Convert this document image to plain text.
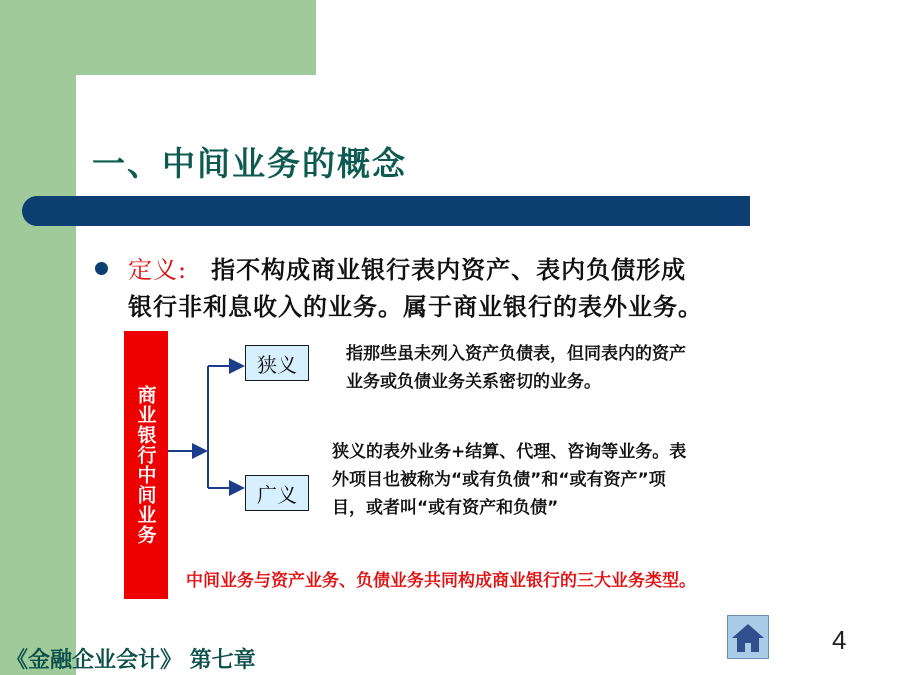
一、中间业务的概念
定义: 指不构成商业银行表内资产、表内负债形成
银行非利息收入的业务。属于商业银行的表外业务。
商业银行中间业务
狭义
广义
指那些虽未列入资产负债表，但同表内的资产
业务或负债业务关系密切的业务。
狭义的表外业务+结算、代理、咨询等业务。表
外项目也被称为“或有负债”和“或有资产”项
目，或者叫“或有资产和负债”
中间业务与资产业务、负债业务共同构成商业银行的三大业务类型。
《金融企业会计》 第七章
4
